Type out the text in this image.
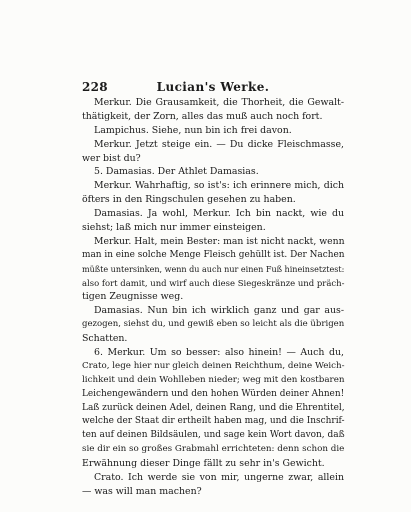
228	Lucian's Werke.
Merkur. Die Grausamkeit, die Thorheit, die Gewalt-
thätigkeit, der Zorn, alles das muß auch noch fort.
Lampichus. Siehe, nun bin ich frei davon.
Merkur. Jetzt steige ein. — Du dicke Fleischmasse,
wer bist du?
5. Damasias. Der Athlet Damasias.
Merkur. Wahrhaftig, so ist's: ich erinnere mich, dich
öfters in den Ringschulen gesehen zu haben.
Damasias. Ja wohl, Merkur. Ich bin nackt, wie du
siehst; laß mich nur immer einsteigen.
Merkur. Halt, mein Bester: man ist nicht nackt, wenn
man in eine solche Menge Fleisch gehüllt ist. Der Nachen
müßte untersinken, wenn du auch nur einen Fuß hineinsetztest:
also fort damit, und wirf auch diese Siegeskränze und präch-
tigen Zeugnisse weg.
Damasias. Nun bin ich wirklich ganz und gar aus-
gezogen, siehst du, und gewiß eben so leicht als die übrigen
Schatten.
6. Merkur. Um so besser: also hinein! — Auch du,
Crato, lege hier nur gleich deinen Reichthum, deine Weich-
lichkeit und dein Wohlleben nieder; weg mit den kostbaren
Leichengewändern und den hohen Würden deiner Ahnen!
Laß zurück deinen Adel, deinen Rang, und die Ehrentitel,
welche der Staat dir ertheilt haben mag, und die Inschrif-
ten auf deinen Bildsäulen, und sage kein Wort davon, daß
sie dir ein so großes Grabmahl errichteten: denn schon die
Erwähnung dieser Dinge fällt zu sehr in's Gewicht.
Crato. Ich werde sie von mir, ungerne zwar, allein
— was will man machen?
